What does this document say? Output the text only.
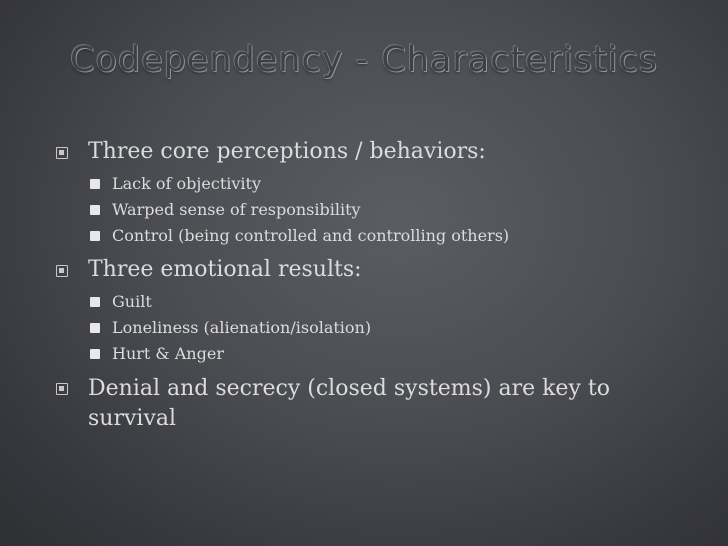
Codependency - Characteristics
Three core perceptions / behaviors:
Lack of objectivity
Warped sense of responsibility
Control (being controlled and controlling others)
Three emotional results:
Guilt
Loneliness (alienation/isolation)
Hurt & Anger
Denial and secrecy (closed systems) are key to survival
